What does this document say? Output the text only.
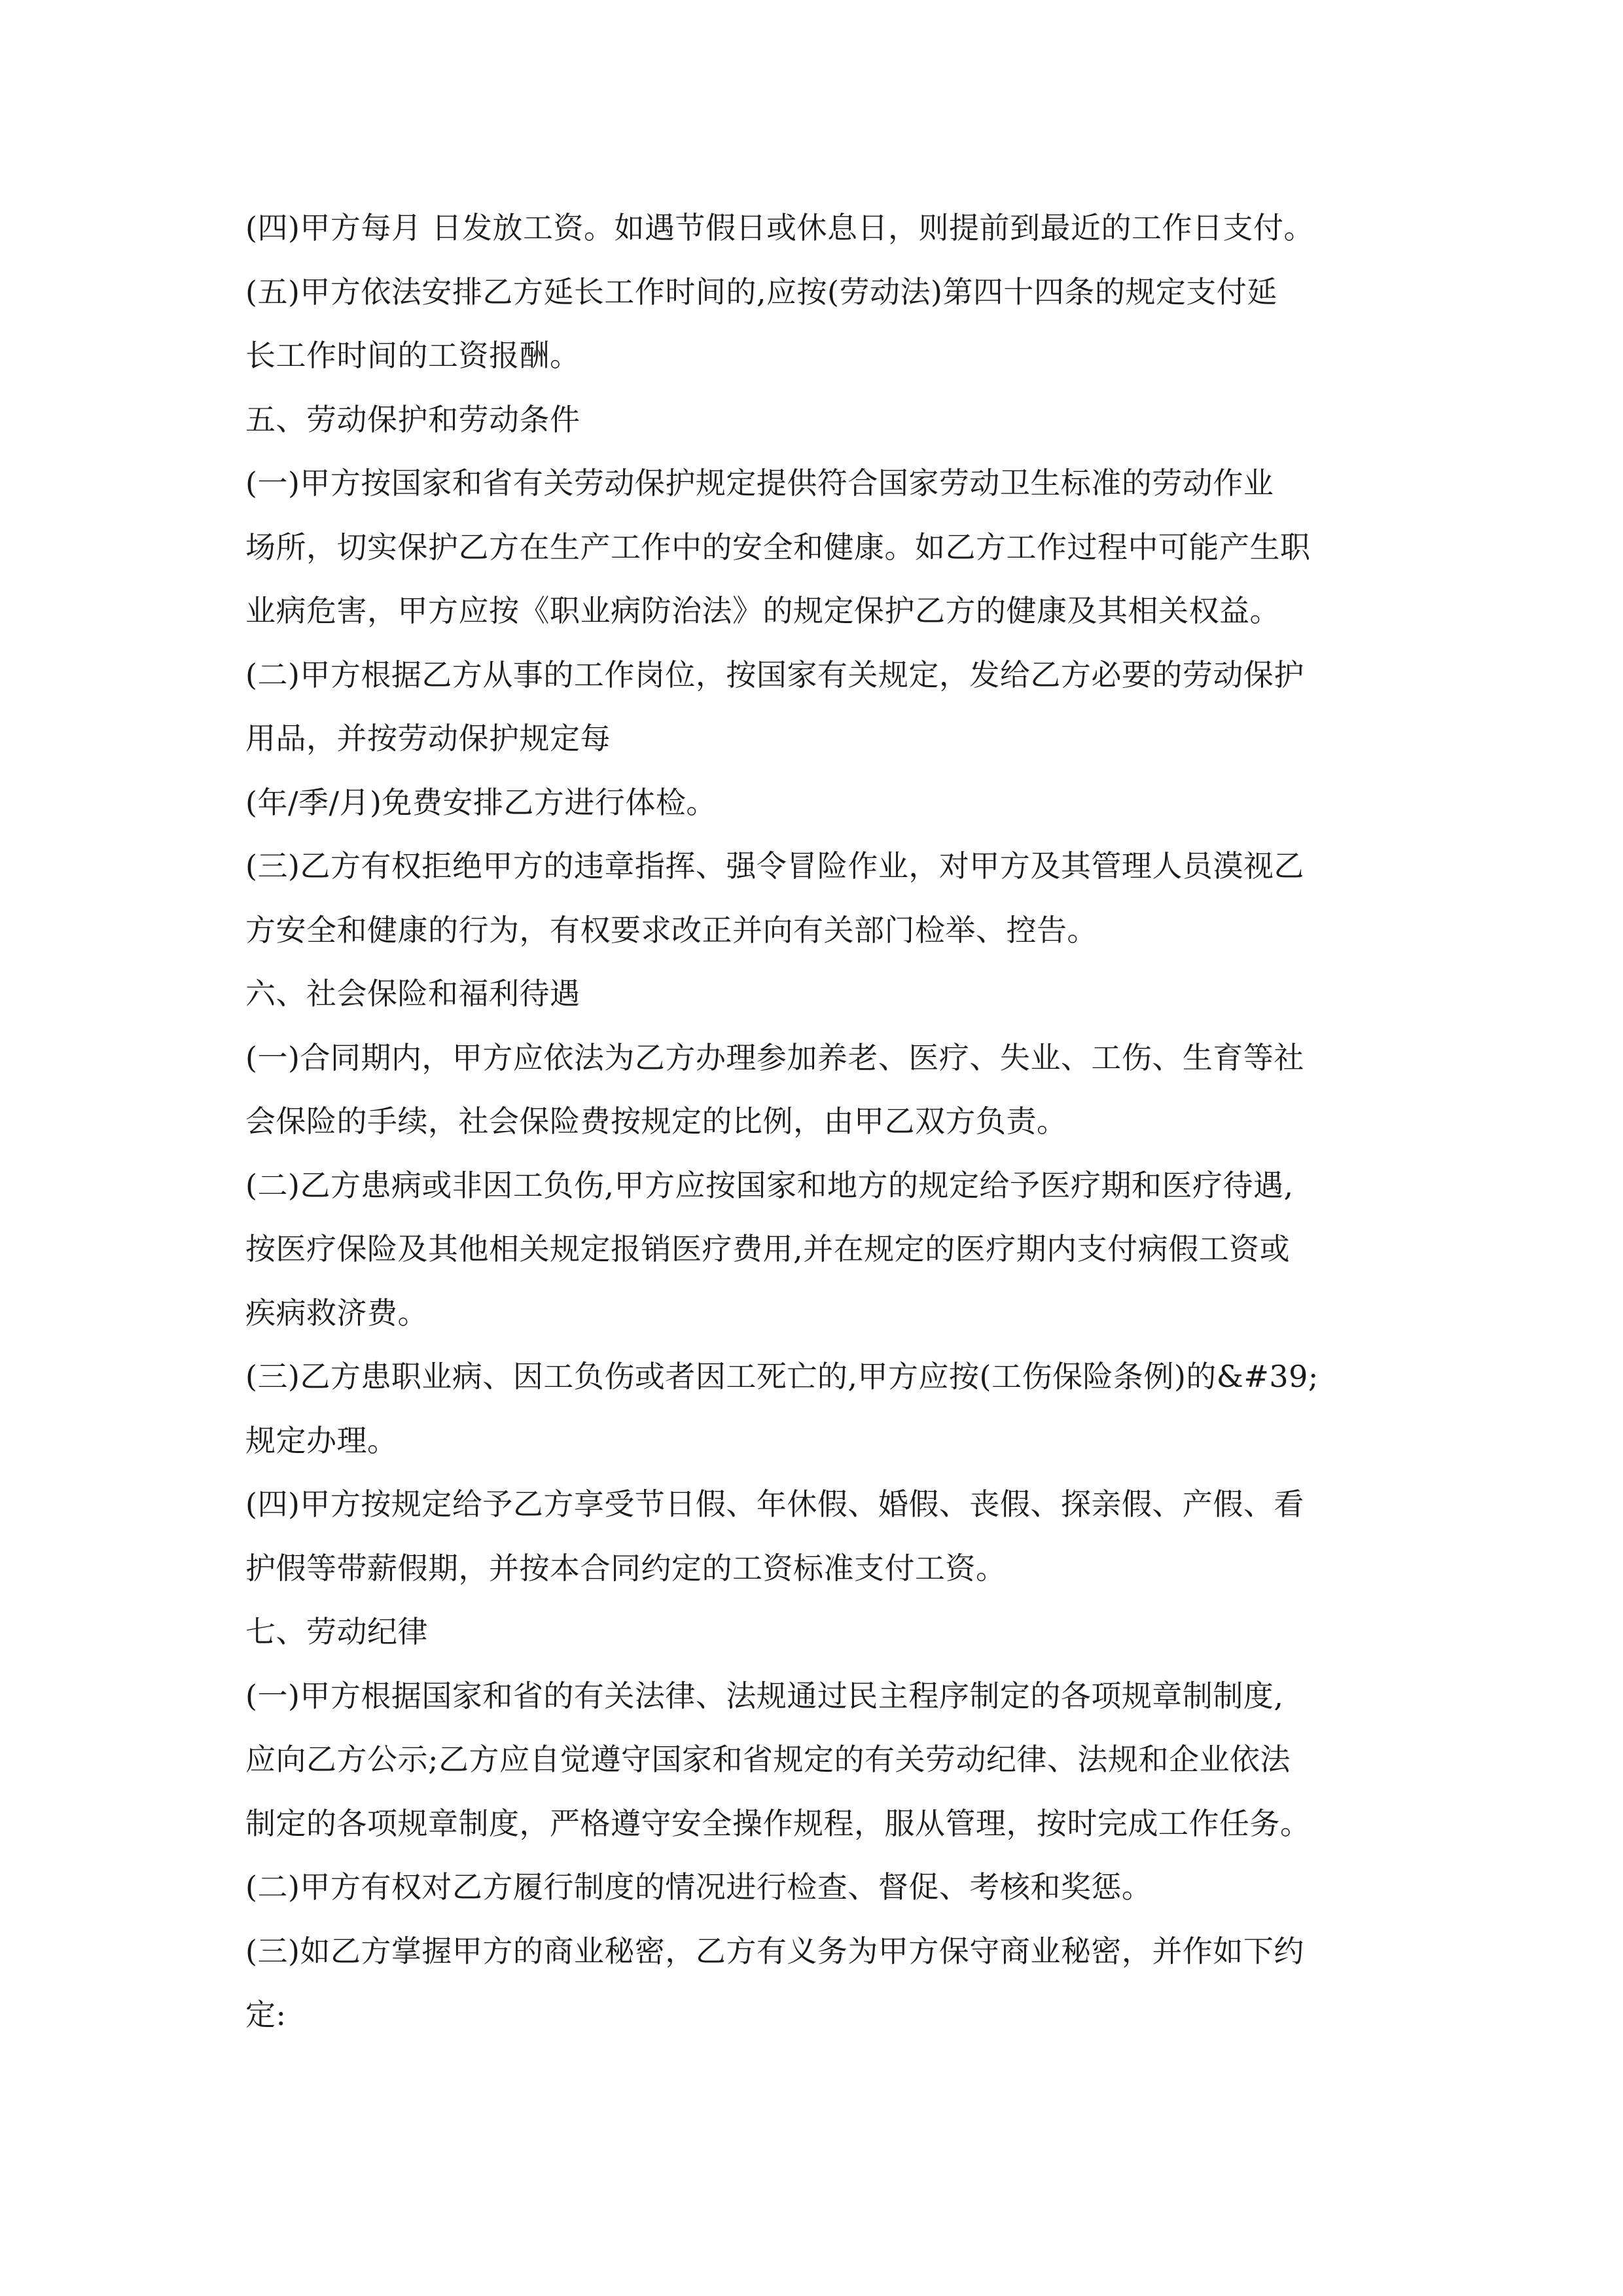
(四)甲方每月 日发放工资。如遇节假日或休息日，则提前到最近的工作日支付。
(五)甲方依法安排乙方延长工作时间的,应按(劳动法)第四十四条的规定支付延
长工作时间的工资报酬。
五、劳动保护和劳动条件
(一)甲方按国家和省有关劳动保护规定提供符合国家劳动卫生标准的劳动作业
场所，切实保护乙方在生产工作中的安全和健康。如乙方工作过程中可能产生职
业病危害，甲方应按《职业病防治法》的规定保护乙方的健康及其相关权益。
(二)甲方根据乙方从事的工作岗位，按国家有关规定，发给乙方必要的劳动保护
用品，并按劳动保护规定每
(年/季/月)免费安排乙方进行体检。
(三)乙方有权拒绝甲方的违章指挥、强令冒险作业，对甲方及其管理人员漠视乙
方安全和健康的行为，有权要求改正并向有关部门检举、控告。
六、社会保险和福利待遇
(一)合同期内，甲方应依法为乙方办理参加养老、医疗、失业、工伤、生育等社
会保险的手续，社会保险费按规定的比例，由甲乙双方负责。
(二)乙方患病或非因工负伤,甲方应按国家和地方的规定给予医疗期和医疗待遇,
按医疗保险及其他相关规定报销医疗费用,并在规定的医疗期内支付病假工资或
疾病救济费。
(三)乙方患职业病、因工负伤或者因工死亡的,甲方应按(工伤保险条例)的&#39;
规定办理。
(四)甲方按规定给予乙方享受节日假、年休假、婚假、丧假、探亲假、产假、看
护假等带薪假期，并按本合同约定的工资标准支付工资。
七、劳动纪律
(一)甲方根据国家和省的有关法律、法规通过民主程序制定的各项规章制制度,
应向乙方公示;乙方应自觉遵守国家和省规定的有关劳动纪律、法规和企业依法
制定的各项规章制度，严格遵守安全操作规程，服从管理，按时完成工作任务。
(二)甲方有权对乙方履行制度的情况进行检查、督促、考核和奖惩。
(三)如乙方掌握甲方的商业秘密，乙方有义务为甲方保守商业秘密，并作如下约
定:
